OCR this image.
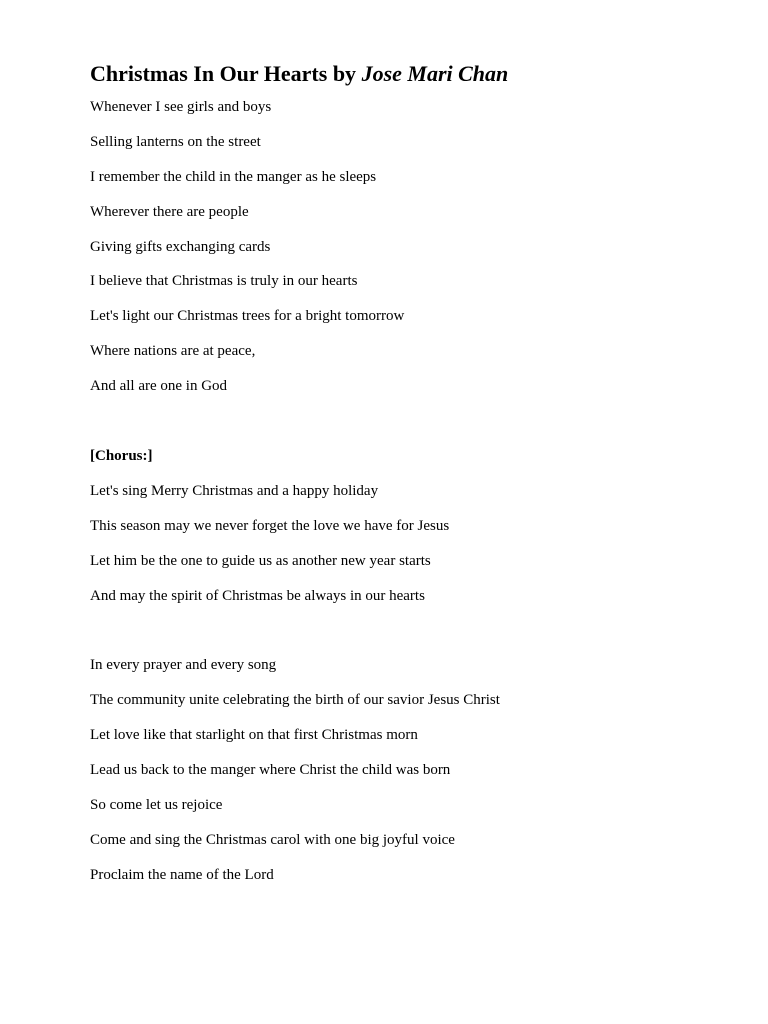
Christmas In Our Hearts by Jose Mari Chan
Whenever I see girls and boys
Selling lanterns on the street
I remember the child in the manger as he sleeps
Wherever there are people
Giving gifts exchanging cards
I believe that Christmas is truly in our hearts
Let's light our Christmas trees for a bright tomorrow
Where nations are at peace,
And all are one in God
[Chorus:]
Let's sing Merry Christmas and a happy holiday
This season may we never forget the love we have for Jesus
Let him be the one to guide us as another new year starts
And may the spirit of Christmas be always in our hearts
In every prayer and every song
The community unite celebrating the birth of our savior Jesus Christ
Let love like that starlight on that first Christmas morn
Lead us back to the manger where Christ the child was born
So come let us rejoice
Come and sing the Christmas carol with one big joyful voice
Proclaim the name of the Lord
